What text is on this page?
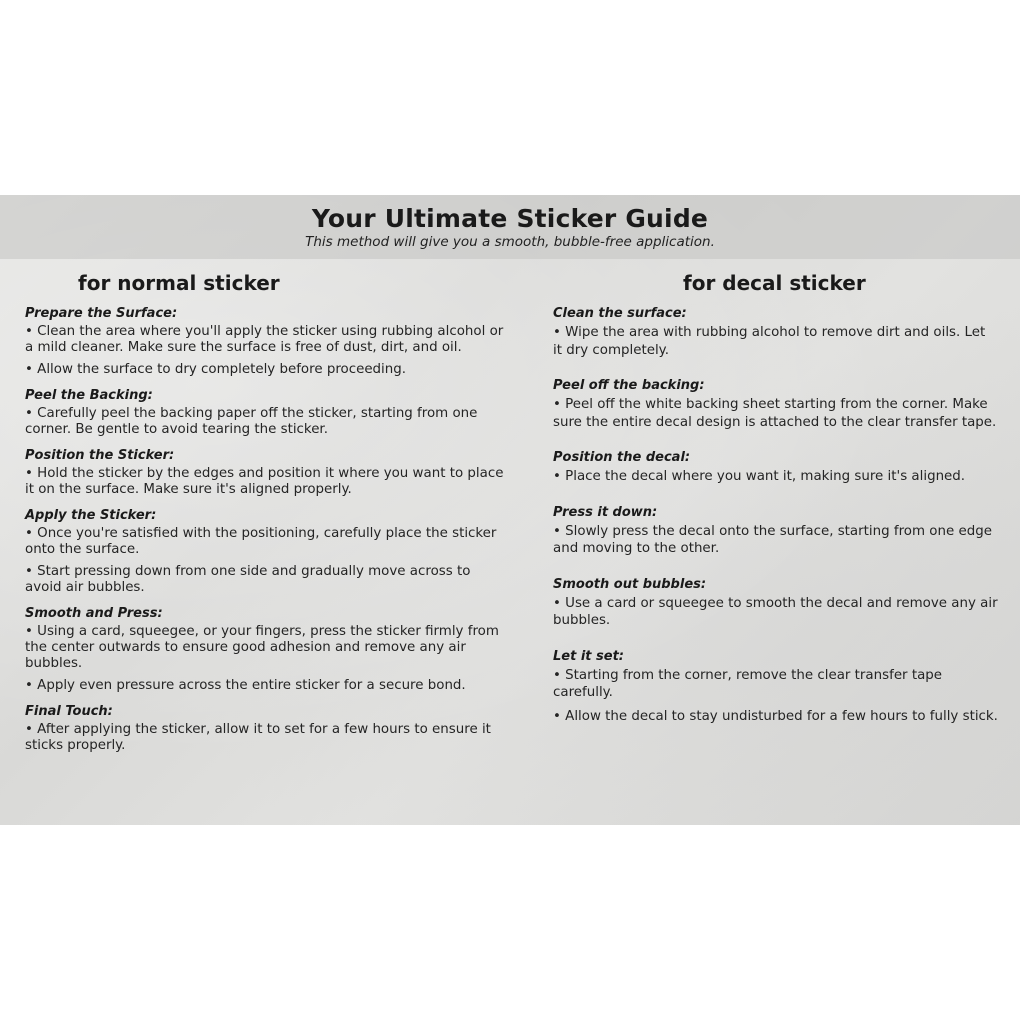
Your Ultimate Sticker Guide
This method will give you a smooth, bubble-free application.
for normal sticker
Prepare the Surface:
• Clean the area where you'll apply the sticker using rubbing alcohol or a mild cleaner. Make sure the surface is free of dust, dirt, and oil.
• Allow the surface to dry completely before proceeding.
Peel the Backing:
• Carefully peel the backing paper off the sticker, starting from one corner. Be gentle to avoid tearing the sticker.
Position the Sticker:
• Hold the sticker by the edges and position it where you want to place it on the surface. Make sure it's aligned properly.
Apply the Sticker:
• Once you're satisfied with the positioning, carefully place the sticker onto the surface.
• Start pressing down from one side and gradually move across to avoid air bubbles.
Smooth and Press:
• Using a card, squeegee, or your fingers, press the sticker firmly from the center outwards to ensure good adhesion and remove any air bubbles.
• Apply even pressure across the entire sticker for a secure bond.
Final Touch:
• After applying the sticker, allow it to set for a few hours to ensure it sticks properly.
for decal sticker
Clean the surface:
• Wipe the area with rubbing alcohol to remove dirt and oils. Let it dry completely.
Peel off the backing:
• Peel off the white backing sheet starting from the corner. Make sure the entire decal design is attached to the clear transfer tape.
Position the decal:
• Place the decal where you want it, making sure it's aligned.
Press it down:
• Slowly press the decal onto the surface, starting from one edge and moving to the other.
Smooth out bubbles:
• Use a card or squeegee to smooth the decal and remove any air bubbles.
Let it set:
• Starting from the corner, remove the clear transfer tape carefully.
• Allow the decal to stay undisturbed for a few hours to fully stick.
